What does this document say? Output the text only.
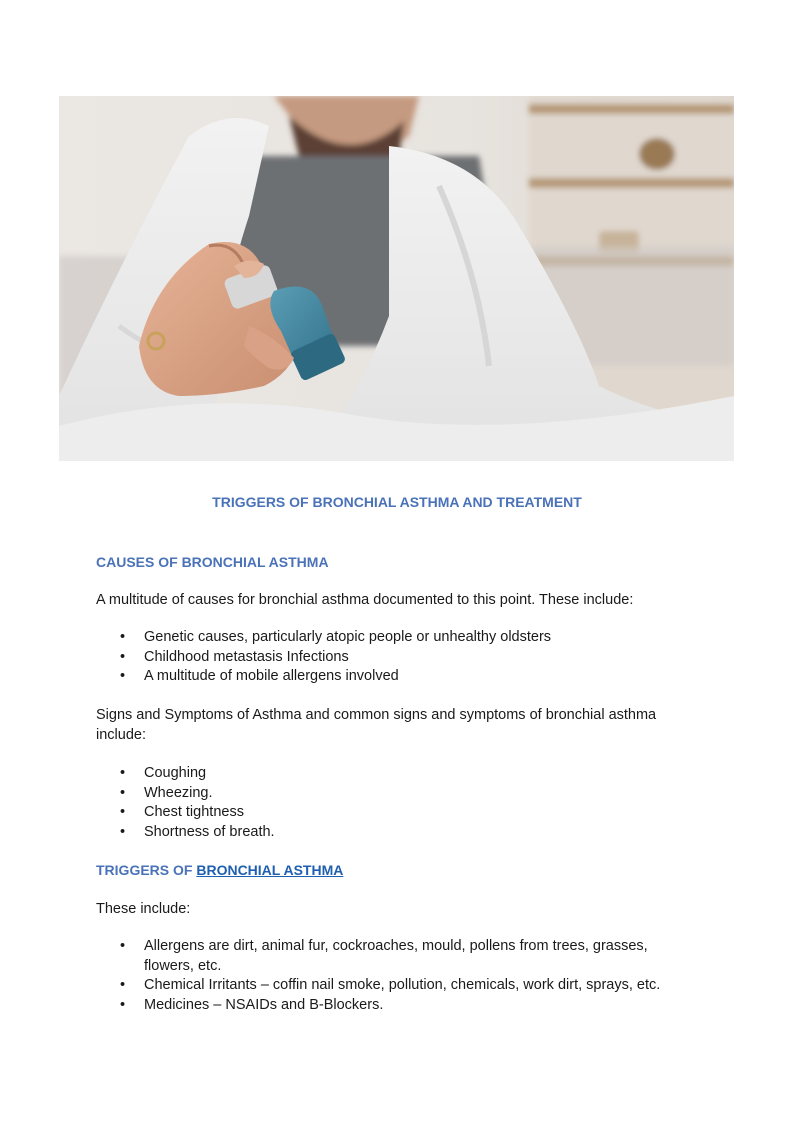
TRIGGERS OF BRONCHIAL ASTHMA AND TREATMENT
CAUSES OF BRONCHIAL ASTHMA
A multitude of causes for bronchial asthma documented to this point. These include:
• Genetic causes, particularly atopic people or unhealthy oldsters
• Childhood metastasis Infections
• A multitude of mobile allergens involved
Signs and Symptoms of Asthma and common signs and symptoms of bronchial asthma include:
• Coughing
• Wheezing.
• Chest tightness
• Shortness of breath.
TRIGGERS OF BRONCHIAL ASTHMA
These include:
• Allergens are dirt, animal fur, cockroaches, mould, pollens from trees, grasses, flowers, etc.
• Chemical Irritants – coffin nail smoke, pollution, chemicals, work dirt, sprays, etc.
• Medicines – NSAIDs and B-Blockers.
